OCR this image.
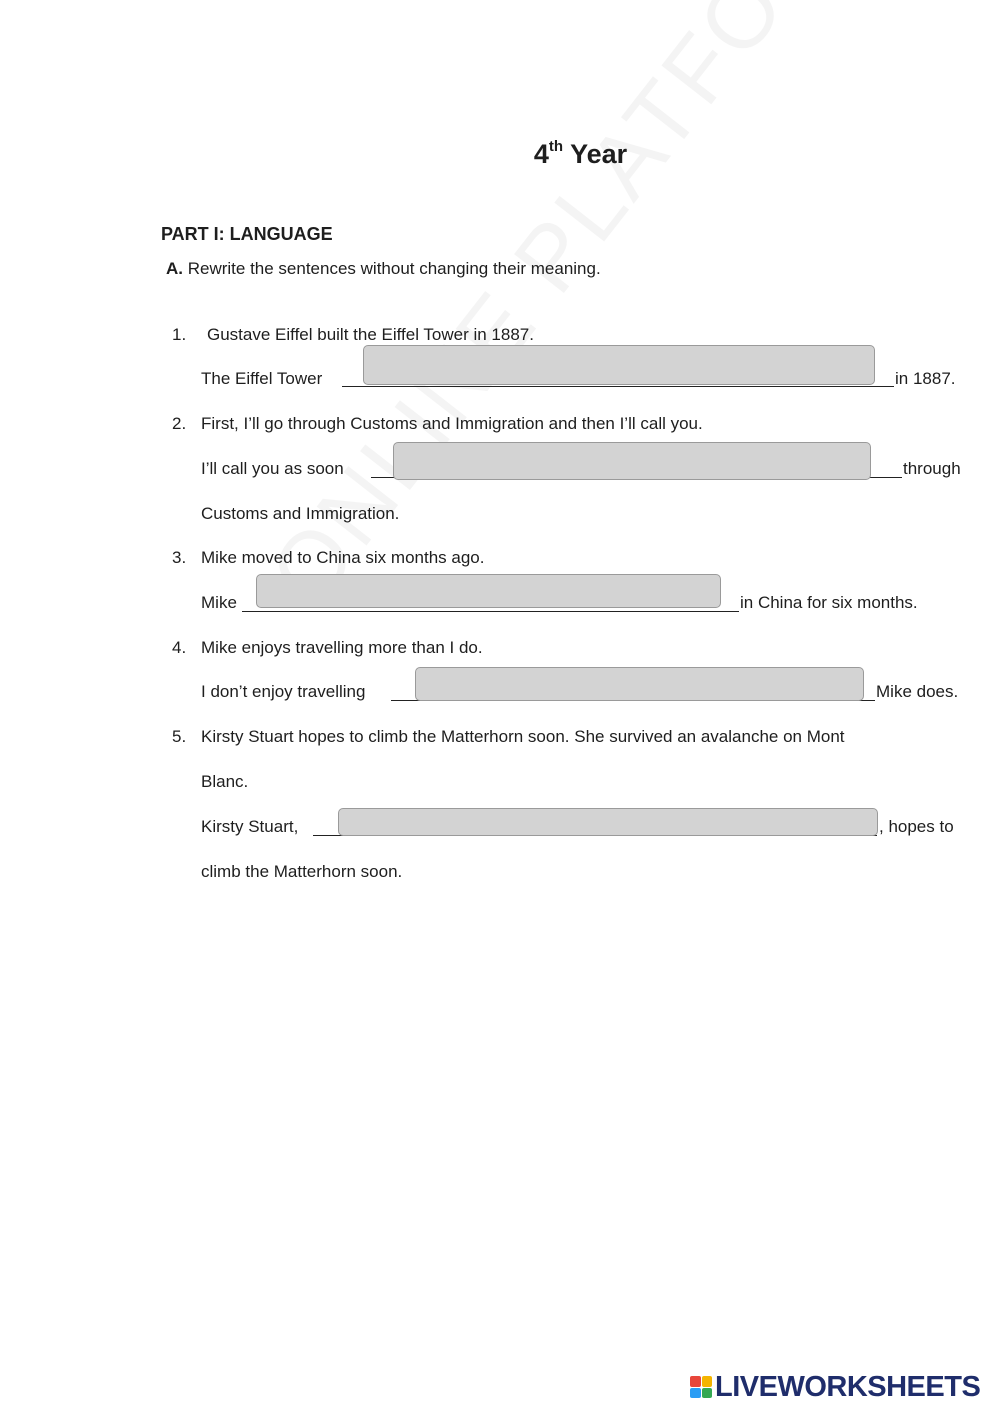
4th Year
PART I: LANGUAGE
A. Rewrite the sentences without changing their meaning.
1. Gustave Eiffel built the Eiffel Tower in 1887.
The Eiffel Tower	in 1887.
2. First, I’ll go through Customs and Immigration and then I’ll call you.
I’ll call you as soon	through
Customs and Immigration.
3. Mike moved to China six months ago.
Mike	in China for six months.
4. Mike enjoys travelling more than I do.
I don’t enjoy travelling	Mike does.
5. Kirsty Stuart hopes to climb the Matterhorn soon. She survived an avalanche on Mont
Blanc.
Kirsty Stuart,	, hopes to
climb the Matterhorn soon.
LIVEWORKSHEETS
